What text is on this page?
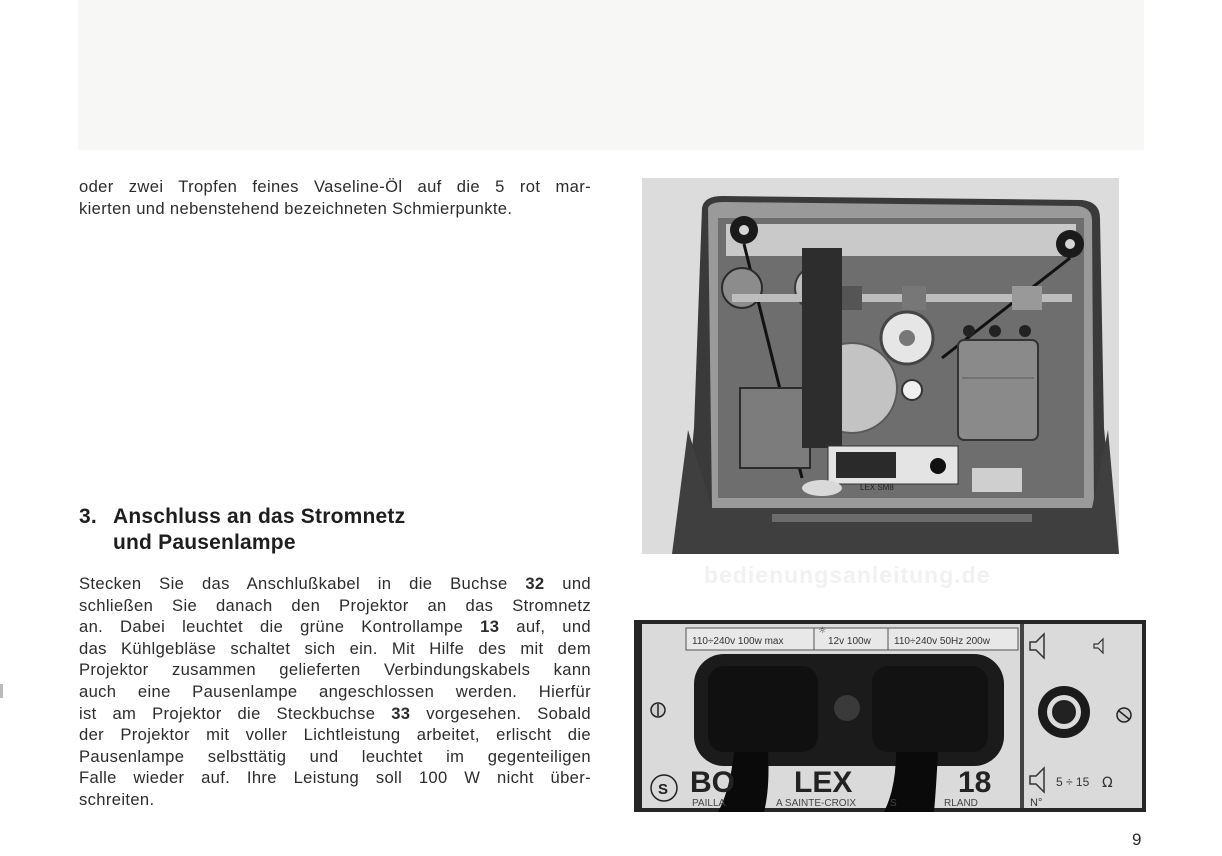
oder zwei Tropfen feines Vaseline-Öl auf die 5 rot mar-
kierten und nebenstehend bezeichneten Schmierpunkte.

LEX SM8
bedienungsanleitung.de
3. Anschluss an das Stromnetz
und Pausenlampe

Stecken Sie das Anschlußkabel in die Buchse 32 und
schließen Sie danach den Projektor an das Stromnetz
an. Dabei leuchtet die grüne Kontrollampe 13 auf, und
das Kühlgebläse schaltet sich ein. Mit Hilfe des mit dem
Projektor zusammen gelieferten Verbindungskabels kann
auch eine Pausenlampe angeschlossen werden. Hierfür
ist am Projektor die Steckbuchse 33 vorgesehen. Sobald
der Projektor mit voller Lichtleistung arbeitet, erlischt die
Pausenlampe selbsttätig und leuchtet im gegenteiligen
Falle wieder auf. Ihre Leistung soll 100 W nicht über-
schreiten.

110÷240v 100w max
☼
12v 100w 110÷240v 50Hz 200w
S BO LEX	18
PAILLA	A SAINTE-CROIX	S	RLAND
5 ÷ 15 Ω
N°
9
